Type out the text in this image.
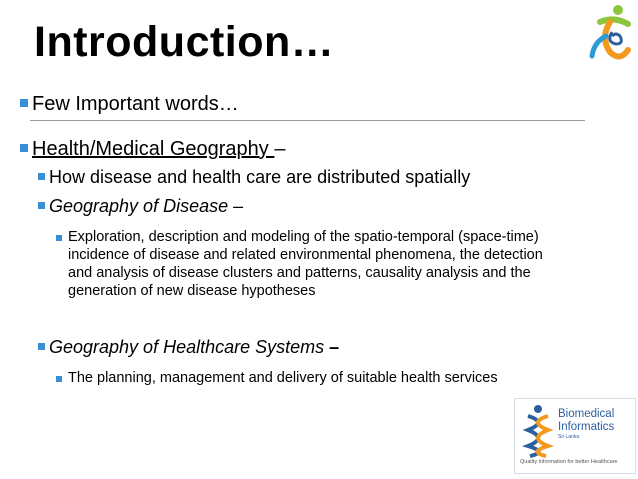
Introduction…
Few Important words…
Health/Medical Geography –
How disease and health care are distributed spatially
Geography of Disease –
Exploration, description and modeling of the spatio-temporal (space-time) incidence of disease and related environmental phenomena, the detection and analysis of disease clusters and patterns, causality analysis and the generation of new disease hypotheses
Geography of Healthcare Systems –
The planning, management and delivery of suitable health services
Biomedical
Informatics
Sri Lanka
Quality information for better Healthcare
